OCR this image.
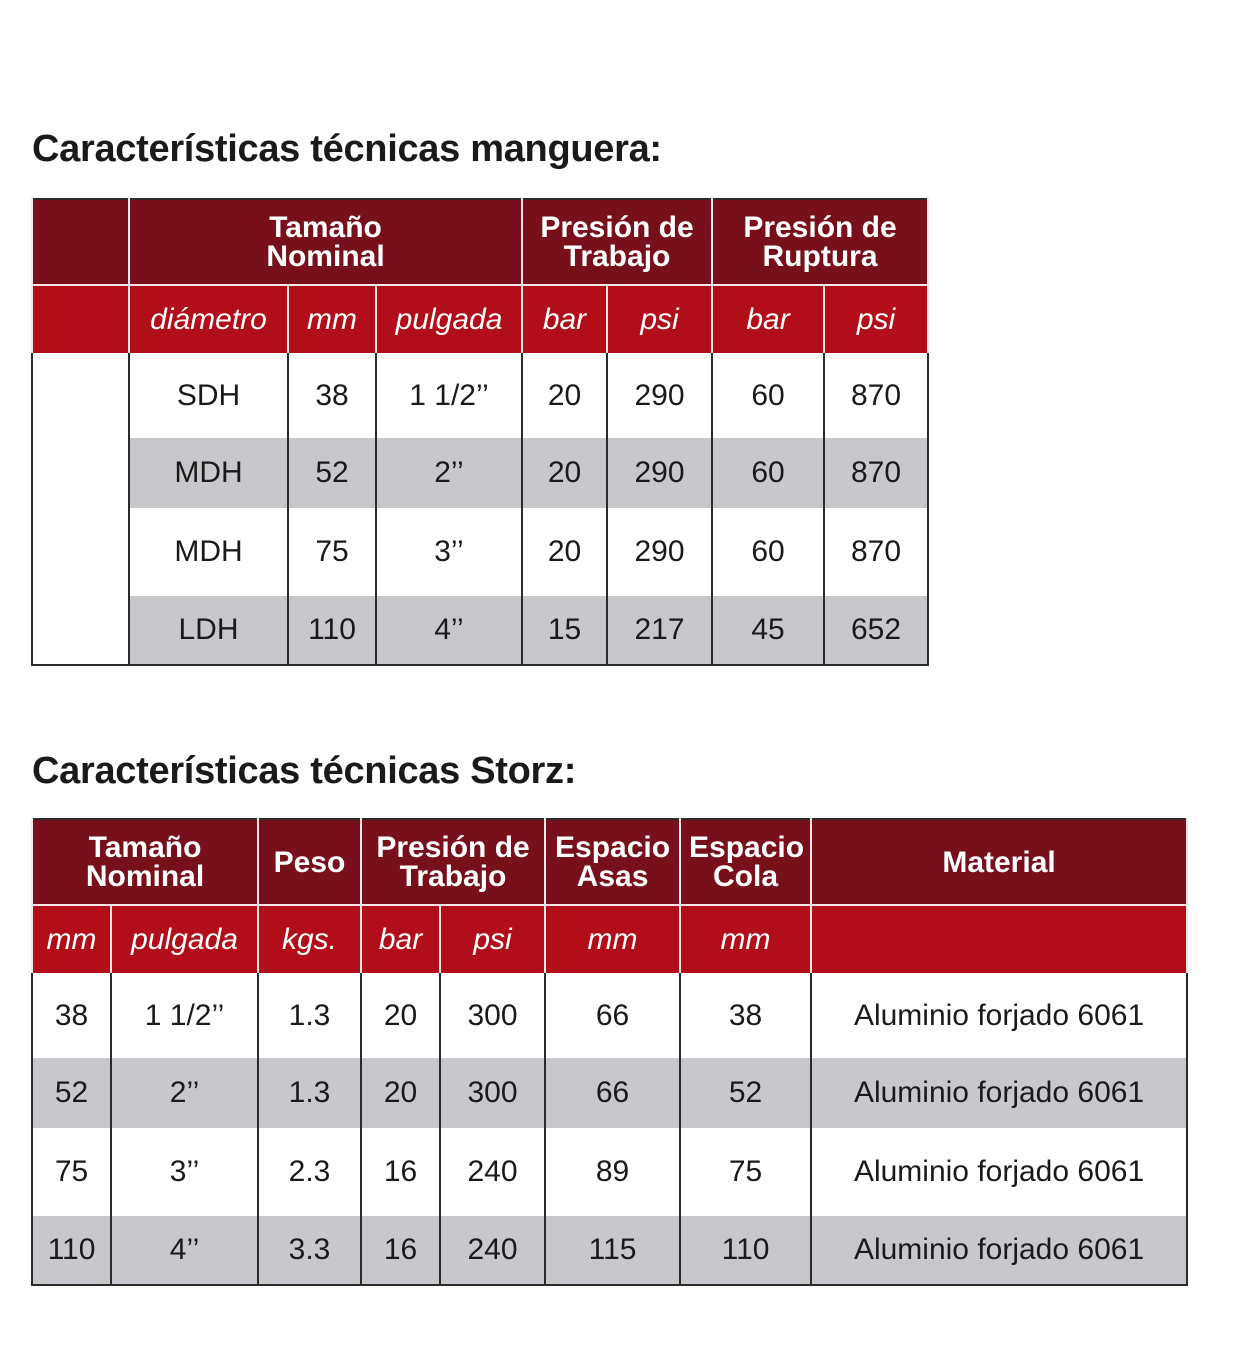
Características técnicas manguera:
	Tamaño Nominal			Presión de Trabajo		Presión de Ruptura	
	diámetro	mm	pulgada	bar	psi	bar	psi
	SDH	38	1 1/2’’	20	290	60	870
	MDH	52	2’’	20	290	60	870
	MDH	75	3’’	20	290	60	870
	LDH	110	4’’	15	217	45	652
Características técnicas Storz:
Tamaño Nominal		Peso	Presión de Trabajo		Espacio Asas	Espacio Cola	Material
mm	pulgada	kgs.	bar	psi	mm	mm	
38	1 1/2’’	1.3	20	300	66	38	Aluminio forjado 6061
52	2’’	1.3	20	300	66	52	Aluminio forjado 6061
75	3’’	2.3	16	240	89	75	Aluminio forjado 6061
110	4’’	3.3	16	240	115	110	Aluminio forjado 6061
